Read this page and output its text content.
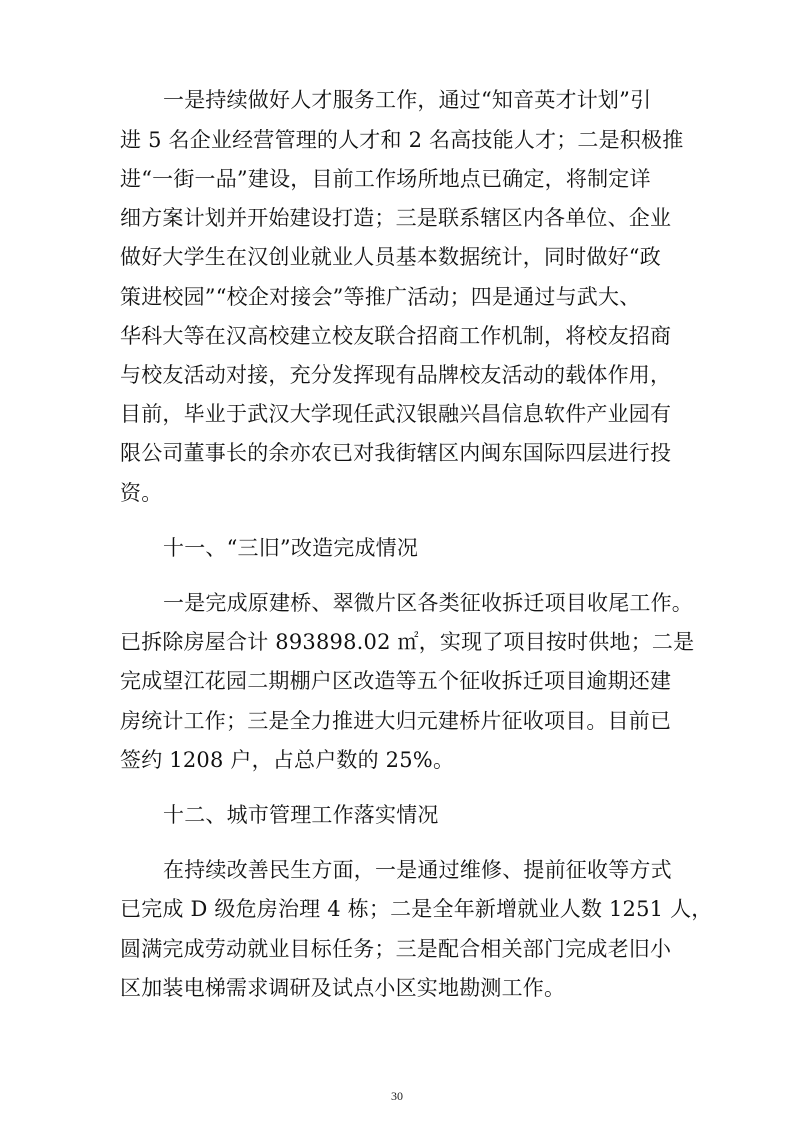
一是持续做好人才服务工作，通过“知音英才计划”引
进 5 名企业经营管理的人才和 2 名高技能人才；二是积极推
进“一街一品”建设，目前工作场所地点已确定，将制定详
细方案计划并开始建设打造；三是联系辖区内各单位、企业
做好大学生在汉创业就业人员基本数据统计，同时做好“政
策进校园”“校企对接会”等推广活动；四是通过与武大、
华科大等在汉高校建立校友联合招商工作机制，将校友招商
与校友活动对接，充分发挥现有品牌校友活动的载体作用，
目前，毕业于武汉大学现任武汉银融兴昌信息软件产业园有
限公司董事长的余亦农已对我街辖区内闽东国际四层进行投
资。
十一、“三旧”改造完成情况
一是完成原建桥、翠微片区各类征收拆迁项目收尾工作。
已拆除房屋合计 893898.02 ㎡，实现了项目按时供地；二是
完成望江花园二期棚户区改造等五个征收拆迁项目逾期还建
房统计工作；三是全力推进大归元建桥片征收项目。目前已
签约 1208 户，占总户数的 25%。
十二、城市管理工作落实情况
在持续改善民生方面，一是通过维修、提前征收等方式
已完成 D 级危房治理 4 栋；二是全年新增就业人数 1251 人，
圆满完成劳动就业目标任务；三是配合相关部门完成老旧小
区加装电梯需求调研及试点小区实地勘测工作。
30
